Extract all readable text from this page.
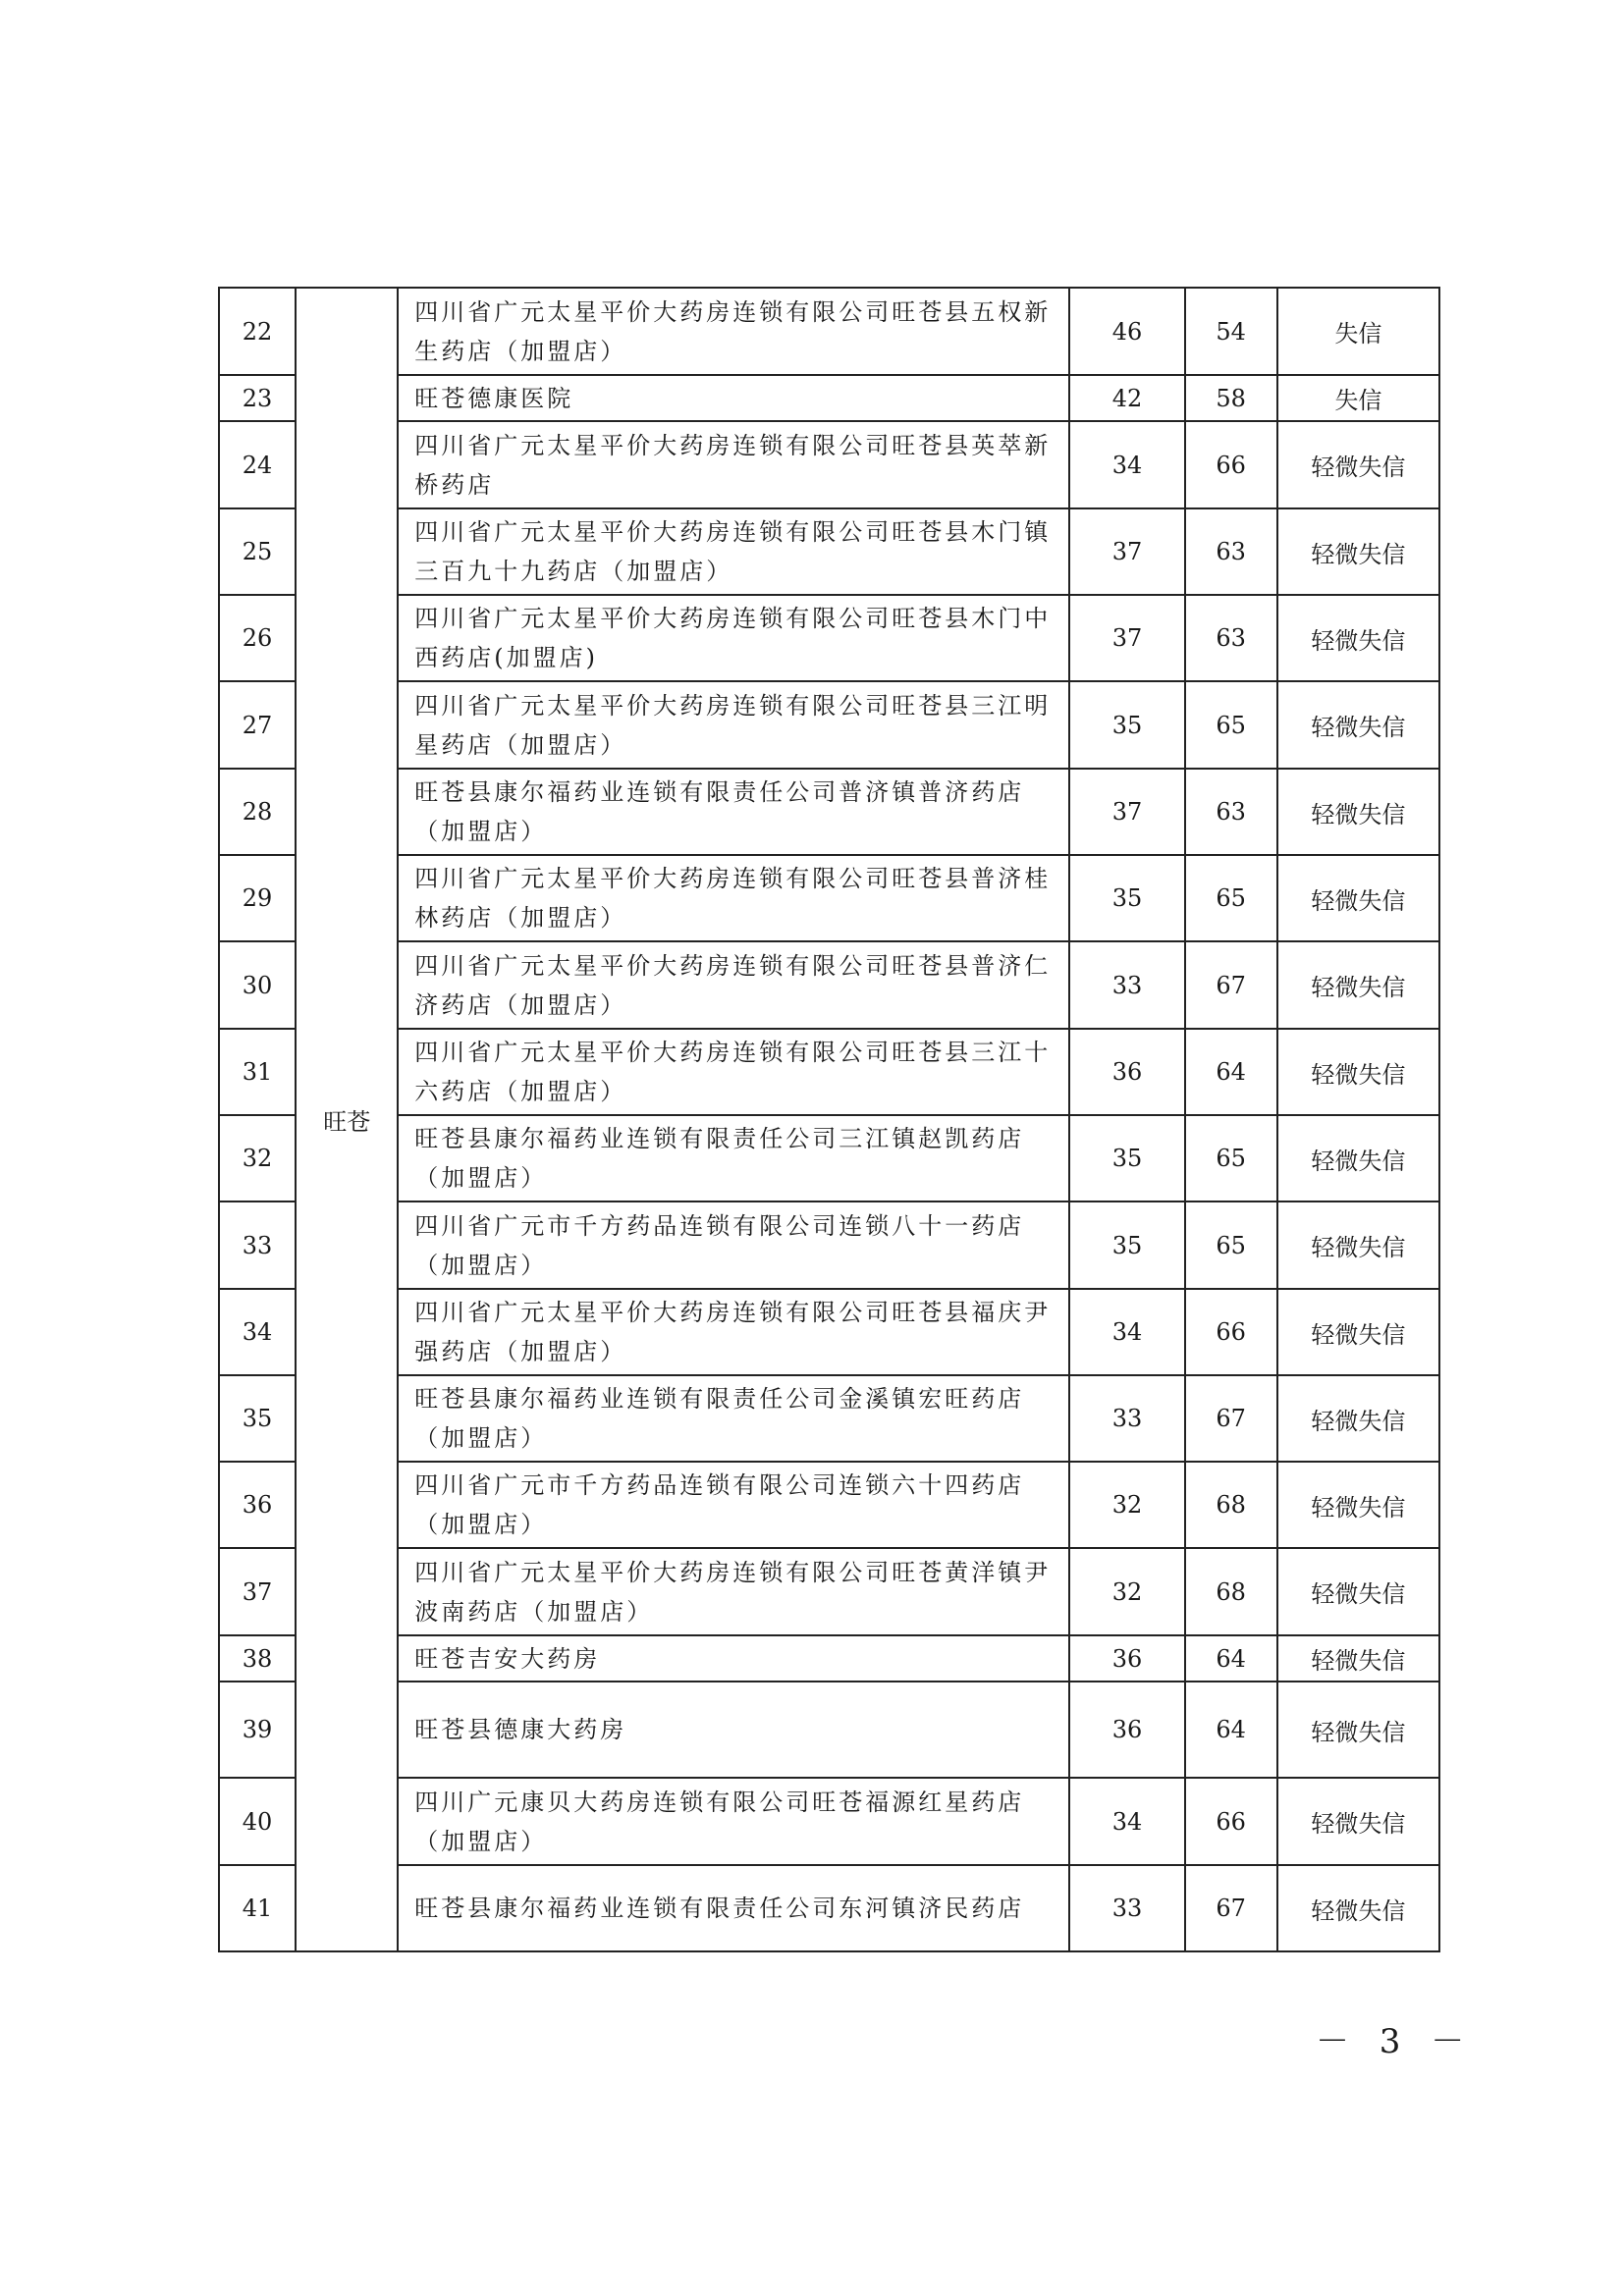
22	旺苍	四川省广元太星平价大药房连锁有限公司旺苍县五权新生药店（加盟店）	46	54	失信
23		旺苍德康医院	42	58	失信
24		四川省广元太星平价大药房连锁有限公司旺苍县英萃新桥药店	34	66	轻微失信
25		四川省广元太星平价大药房连锁有限公司旺苍县木门镇三百九十九药店（加盟店）	37	63	轻微失信
26		四川省广元太星平价大药房连锁有限公司旺苍县木门中西药店(加盟店)	37	63	轻微失信
27		四川省广元太星平价大药房连锁有限公司旺苍县三江明星药店（加盟店）	35	65	轻微失信
28		旺苍县康尔福药业连锁有限责任公司普济镇普济药店（加盟店）	37	63	轻微失信
29		四川省广元太星平价大药房连锁有限公司旺苍县普济桂林药店（加盟店）	35	65	轻微失信
30		四川省广元太星平价大药房连锁有限公司旺苍县普济仁济药店（加盟店）	33	67	轻微失信
31		四川省广元太星平价大药房连锁有限公司旺苍县三江十六药店（加盟店）	36	64	轻微失信
32		旺苍县康尔福药业连锁有限责任公司三江镇赵凯药店（加盟店）	35	65	轻微失信
33		四川省广元市千方药品连锁有限公司连锁八十一药店（加盟店）	35	65	轻微失信
34		四川省广元太星平价大药房连锁有限公司旺苍县福庆尹强药店（加盟店）	34	66	轻微失信
35		旺苍县康尔福药业连锁有限责任公司金溪镇宏旺药店（加盟店）	33	67	轻微失信
36		四川省广元市千方药品连锁有限公司连锁六十四药店（加盟店）	32	68	轻微失信
37		四川省广元太星平价大药房连锁有限公司旺苍黄洋镇尹波南药店（加盟店）	32	68	轻微失信
38		旺苍吉安大药房	36	64	轻微失信
39		旺苍县德康大药房	36	64	轻微失信
40		四川广元康贝大药房连锁有限公司旺苍福源红星药店（加盟店）	34	66	轻微失信
41		旺苍县康尔福药业连锁有限责任公司东河镇济民药店	33	67	轻微失信
－ 3 －
